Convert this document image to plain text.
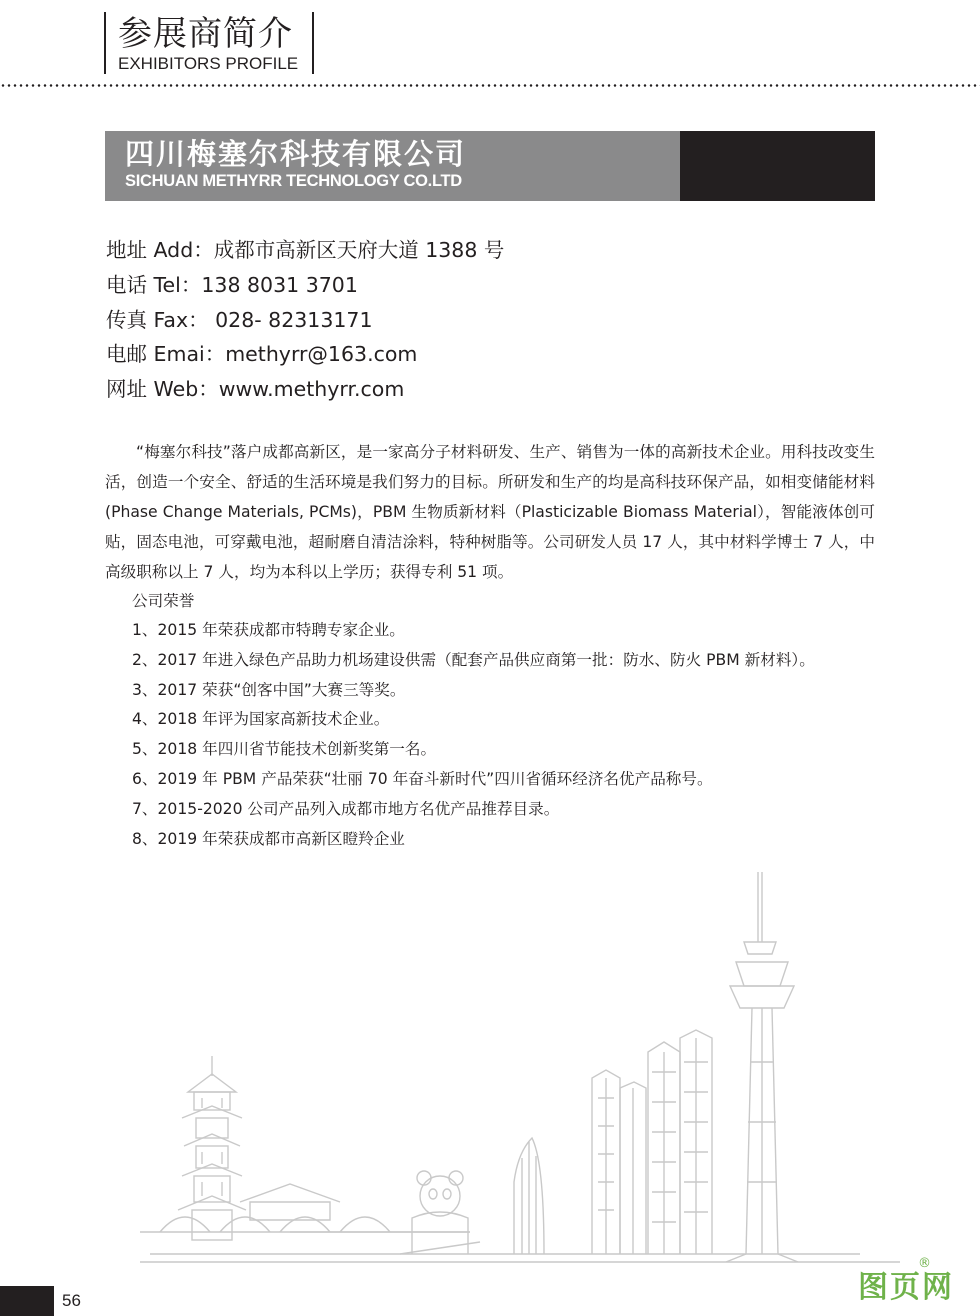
参展商简介
EXHIBITORS PROFILE
四川梅塞尔科技有限公司
SICHUAN METHYRR TECHNOLOGY CO.LTD
地址 Add：成都市高新区天府大道 1388 号
电话 Tel：138 8031 3701
传真 Fax： 028- 82313171
电邮 Emai：methyrr@163.com
网址 Web：www.methyrr.com

“梅塞尔科技”落户成都高新区，是一家高分子材料研发、生产、销售为一体的高新技术企业。用科技改变生活，创造一个安全、舒适的生活环境是我们努力的目标。所研发和生产的均是高科技环保产品，如相变储能材料 (Phase Change Materials, PCMs)，PBM 生物质新材料（Plasticizable Biomass Material），智能液体创可贴，固态电池，可穿戴电池，超耐磨自清洁涂料，特种树脂等。公司研发人员 17 人，其中材料学博士 7 人，中高级职称以上 7 人，均为本科以上学历；获得专利 51 项。

公司荣誉
1、2015 年荣获成都市特聘专家企业。
2、2017 年进入绿色产品助力机场建设供需（配套产品供应商第一批：防水、防火 PBM 新材料）。
3、2017 荣获“创客中国”大赛三等奖。
4、2018 年评为国家高新技术企业。
5、2018 年四川省节能技术创新奖第一名。
6、2019 年 PBM 产品荣获“壮丽 70 年奋斗新时代”四川省循环经济名优产品称号。
7、2015-2020 公司产品列入成都市地方名优产品推荐目录。
8、2019 年荣获成都市高新区瞪羚企业
56	图页网
®
